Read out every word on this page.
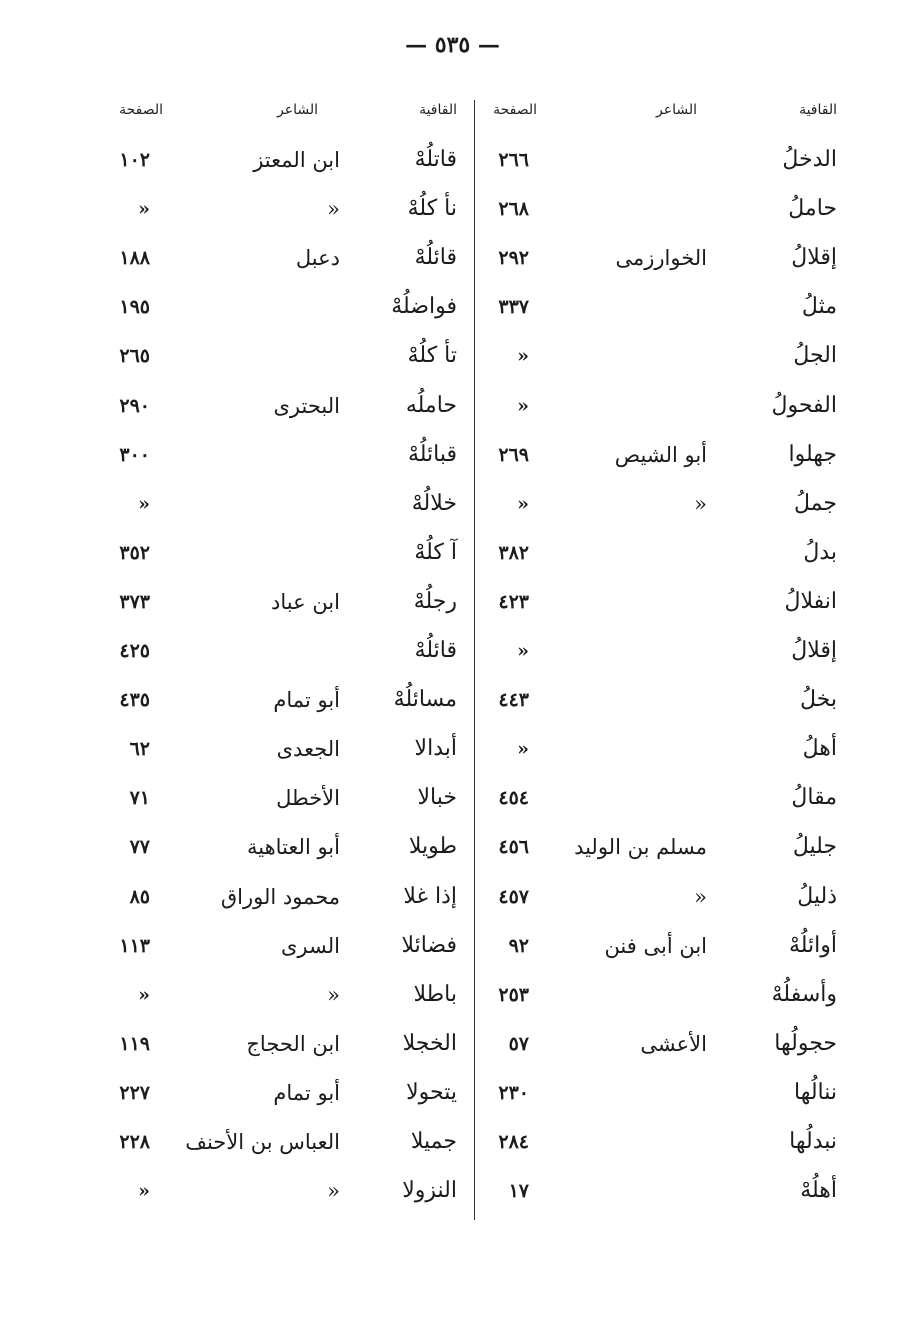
— ٥٣٥ —
القافية
الشاعر
الصفحة
القافية
الشاعر
الصفحة
الدخلُ
٢٦٦
قاتلُهْ
ابن المعتز
١٠٢
حاملُ
٢٦٨
نأ كلُهْ
«
«
إقلالُ
الخوارزمى
٢٩٢
قائلُهْ
دعبل
١٨٨
مثلُ
٣٣٧
فواضلُهْ
١٩٥
الجلُ
«
تأ كلُهْ
٢٦٥
الفحولُ
«
حاملُه
البحترى
٢٩٠
جهلوا
أبو الشيص
٢٦٩
قبائلُهْ
٣٠٠
جملُ
«
«
خلالُهْ
«
بدلُ
٣٨٢
آ كلُهْ
٣٥٢
انفلالُ
٤٢٣
رجلُهْ
ابن عباد
٣٧٣
إقلالُ
«
قائلُهْ
٤٢٥
بخلُ
٤٤٣
مسائلُهْ
أبو تمام
٤٣٥
أهلُ
«
أبدالا
الجعدى
٦٢
مقالُ
٤٥٤
خبالا
الأخطل
٧١
جليلُ
مسلم بن الوليد
٤٥٦
طويلا
أبو العتاهية
٧٧
ذليلُ
«
٤٥٧
إذا غلا
محمود الوراق
٨٥
أوائلُهْ
ابن أبى فنن
٩٢
فضائلا
السرى
١١٣
وأسفلُهْ
٢٥٣
باطلا
«
«
حجولُها
الأعشى
٥٧
الخجلا
ابن الحجاج
١١٩
ننالُها
٢٣٠
يتحولا
أبو تمام
٢٢٧
نبدلُها
٢٨٤
جميلا
العباس بن الأحنف
٢٢٨
أهلُهْ
١٧
النزولا
«
«
